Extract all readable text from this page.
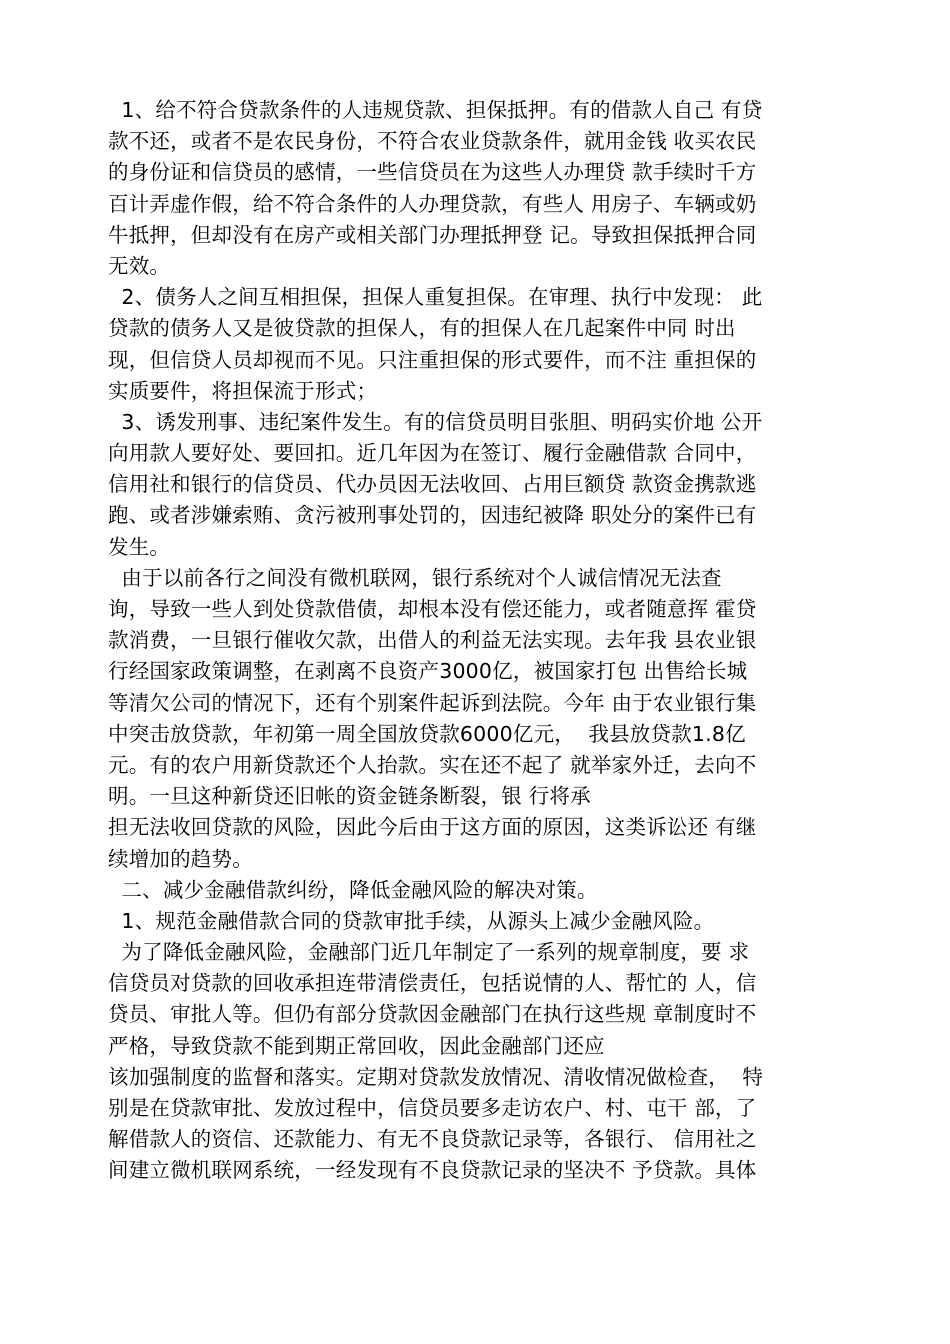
1、给不符合贷款条件的人违规贷款、担保抵押。有的借款人自己 有贷
款不还，或者不是农民身份，不符合农业贷款条件，就用金钱 收买农民
的身份证和信贷员的感情，一些信贷员在为这些人办理贷 款手续时千方
百计弄虚作假，给不符合条件的人办理贷款，有些人 用房子、车辆或奶
牛抵押，但却没有在房产或相关部门办理抵押登 记。导致担保抵押合同
无效。
2、债务人之间互相担保，担保人重复担保。在审理、执行中发现： 此
贷款的债务人又是彼贷款的担保人，有的担保人在几起案件中同 时出
现，但信贷人员却视而不见。只注重担保的形式要件，而不注 重担保的
实质要件，将担保流于形式；
3、诱发刑事、违纪案件发生。有的信贷员明目张胆、明码实价地 公开
向用款人要好处、要回扣。近几年因为在签订、履行金融借款 合同中，
信用社和银行的信贷员、代办员因无法收回、占用巨额贷 款资金携款逃
跑、或者涉嫌索贿、贪污被刑事处罚的，因违纪被降 职处分的案件已有
发生。
由于以前各行之间没有微机联网，银行系统对个人诚信情况无法查
询，导致一些人到处贷款借债，却根本没有偿还能力，或者随意挥 霍贷
款消费，一旦银行催收欠款，出借人的利益无法实现。去年我 县农业银
行经国家政策调整，在剥离不良资产3000亿，被国家打包 出售给长城
等清欠公司的情况下，还有个别案件起诉到法院。今年 由于农业银行集
中突击放贷款，年初第一周全国放贷款6000亿元，  我县放贷款1.8亿
元。有的农户用新贷款还个人抬款。实在还不起了 就举家外迁，去向不
明。一旦这种新贷还旧帐的资金链条断裂，银 行将承
担无法收回贷款的风险，因此今后由于这方面的原因，这类诉讼还 有继
续增加的趋势。
二、减少金融借款纠纷，降低金融风险的解决对策。
1、规范金融借款合同的贷款审批手续，从源头上减少金融风险。
为了降低金融风险，金融部门近几年制定了一系列的规章制度，要 求
信贷员对贷款的回收承担连带清偿责任，包括说情的人、帮忙的 人，信
贷员、审批人等。但仍有部分贷款因金融部门在执行这些规 章制度时不
严格，导致贷款不能到期正常回收，因此金融部门还应
该加强制度的监督和落实。定期对贷款发放情况、清收情况做检查，  特
别是在贷款审批、发放过程中，信贷员要多走访农户、村、屯干 部，了
解借款人的资信、还款能力、有无不良贷款记录等，各银行、 信用社之
间建立微机联网系统，一经发现有不良贷款记录的坚决不 予贷款。具体
